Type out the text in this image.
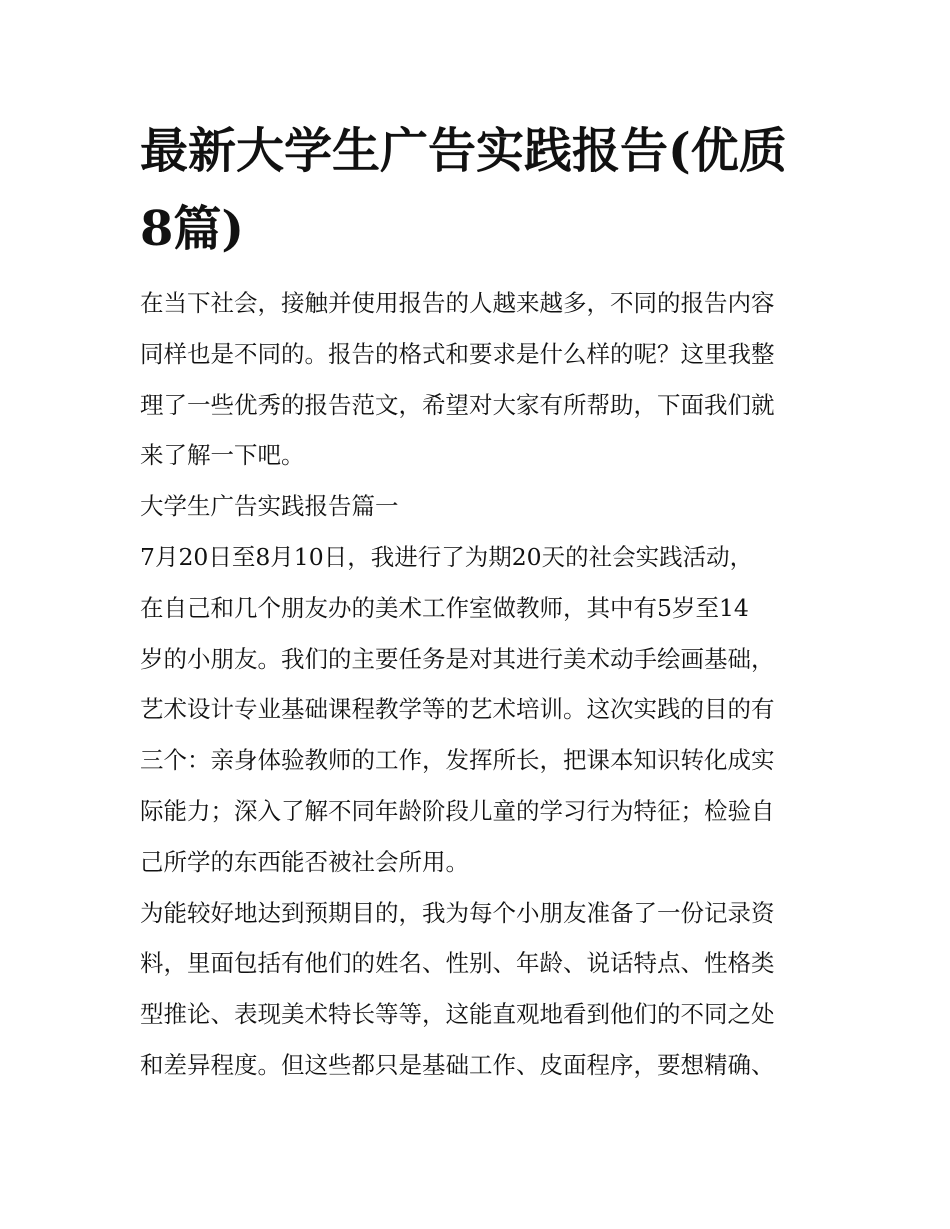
最新大学生广告实践报告(优质
8篇)
在当下社会，接触并使用报告的人越来越多，不同的报告内容
同样也是不同的。报告的格式和要求是什么样的呢？这里我整
理了一些优秀的报告范文，希望对大家有所帮助，下面我们就
来了解一下吧。
大学生广告实践报告篇一
7月20日至8月10日，我进行了为期20天的社会实践活动，
在自己和几个朋友办的美术工作室做教师，其中有5岁至14
岁的小朋友。我们的主要任务是对其进行美术动手绘画基础，
艺术设计专业基础课程教学等的艺术培训。这次实践的目的有
三个：亲身体验教师的工作，发挥所长，把课本知识转化成实
际能力；深入了解不同年龄阶段儿童的学习行为特征；检验自
己所学的东西能否被社会所用。
为能较好地达到预期目的，我为每个小朋友准备了一份记录资
料，里面包括有他们的姓名、性别、年龄、说话特点、性格类
型推论、表现美术特长等等，这能直观地看到他们的不同之处
和差异程度。但这些都只是基础工作、皮面程序，要想精确、
